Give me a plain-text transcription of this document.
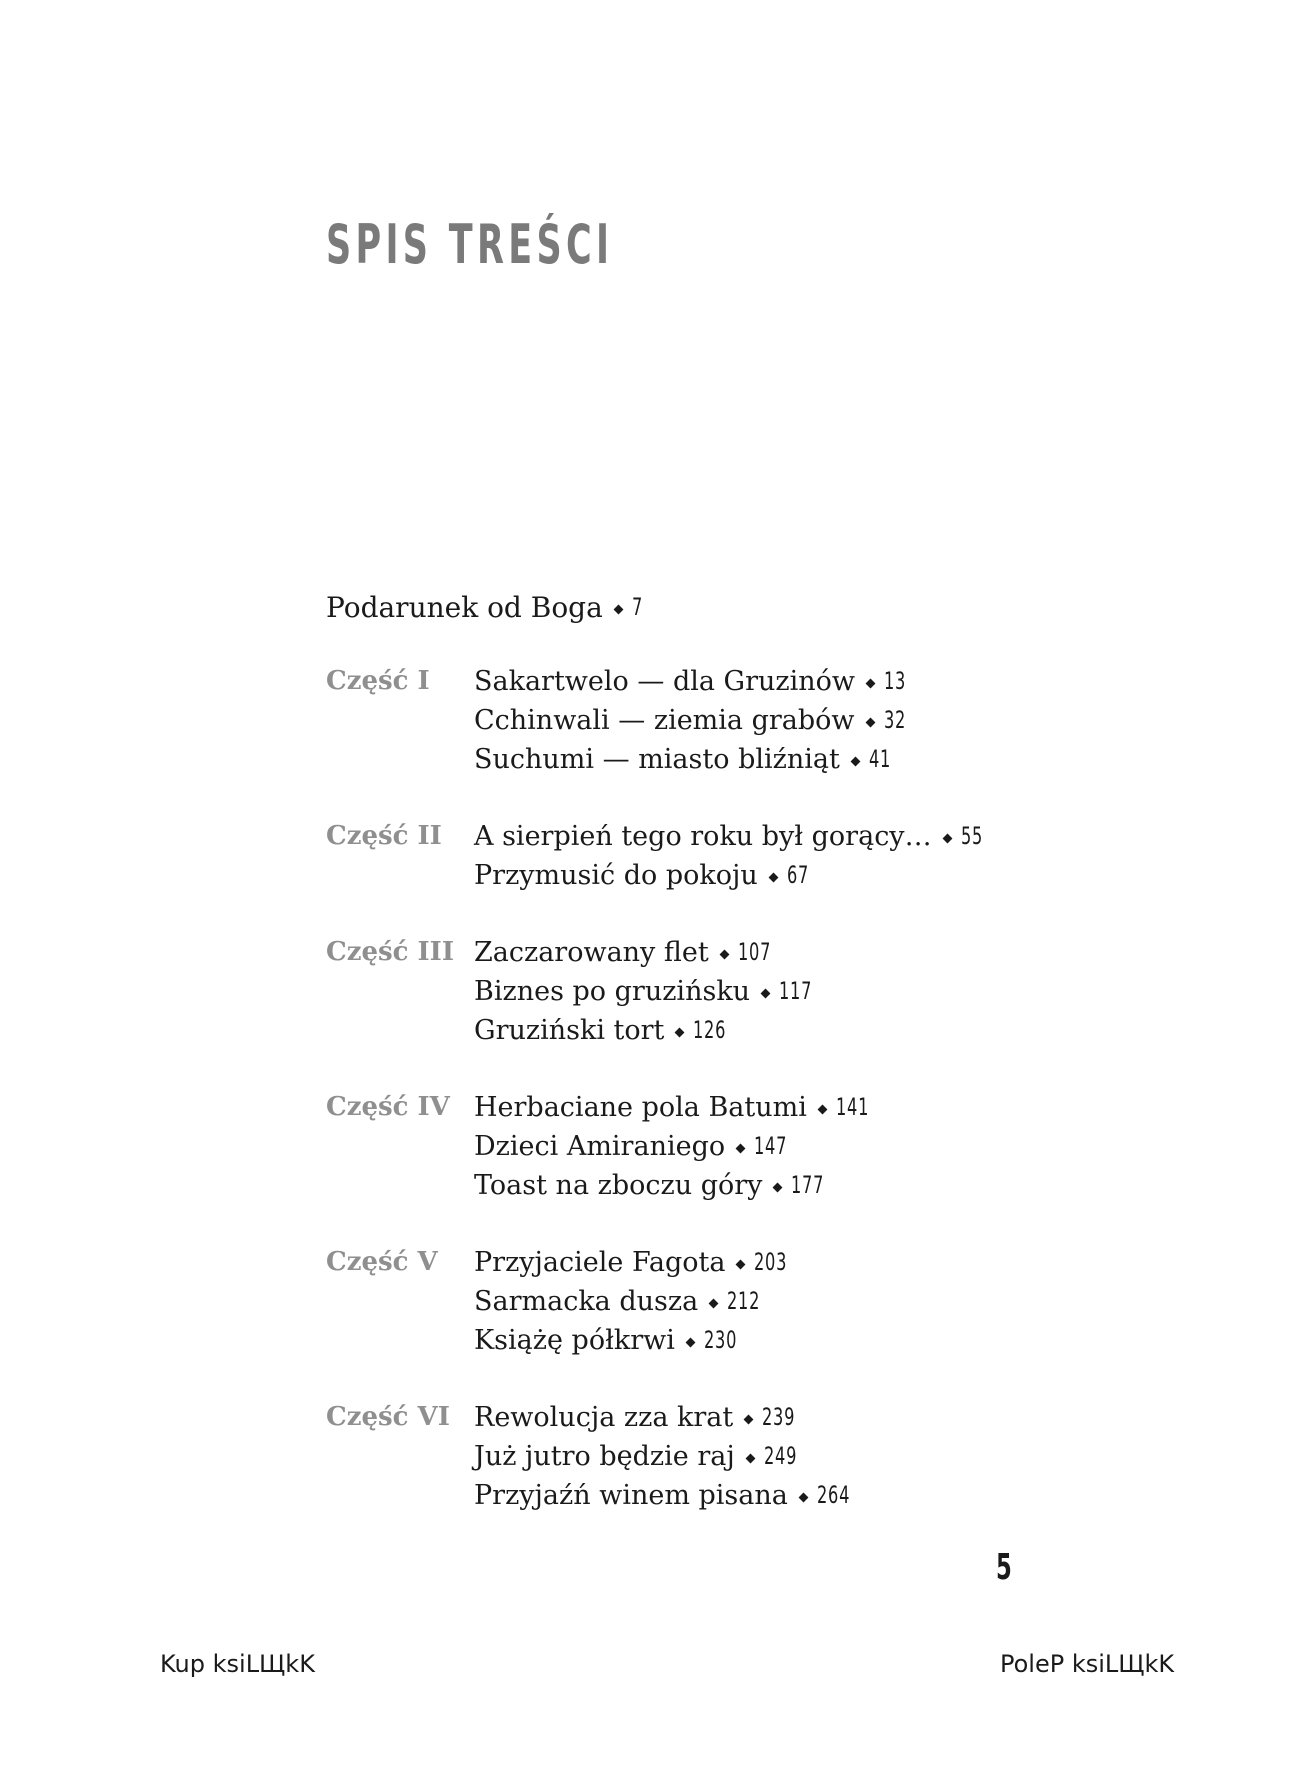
SPIS TREŚCI
Podarunek od Boga 7
Część I	Sakartwelo — dla Gruzinów 13
Cchinwali — ziemia grabów 32
Suchumi — miasto bliźniąt 41
Część II	A sierpień tego roku był gorący… 55
Przymusić do pokoju 67
Część III Zaczarowany flet 107
Biznes po gruzińsku 117
Gruziński tort 126
Część IV Herbaciane pola Batumi 141
Dzieci Amiraniego 147
Toast na zboczu góry 177
Część V	Przyjaciele Fagota 203
Sarmacka dusza 212
Książę półkrwi 230
Część VI Rewolucja zza krat 239
Już jutro będzie raj 249
Przyjaźń winem pisana 264
5
Kup ksiLЩkK	PoleP ksiLЩkK
